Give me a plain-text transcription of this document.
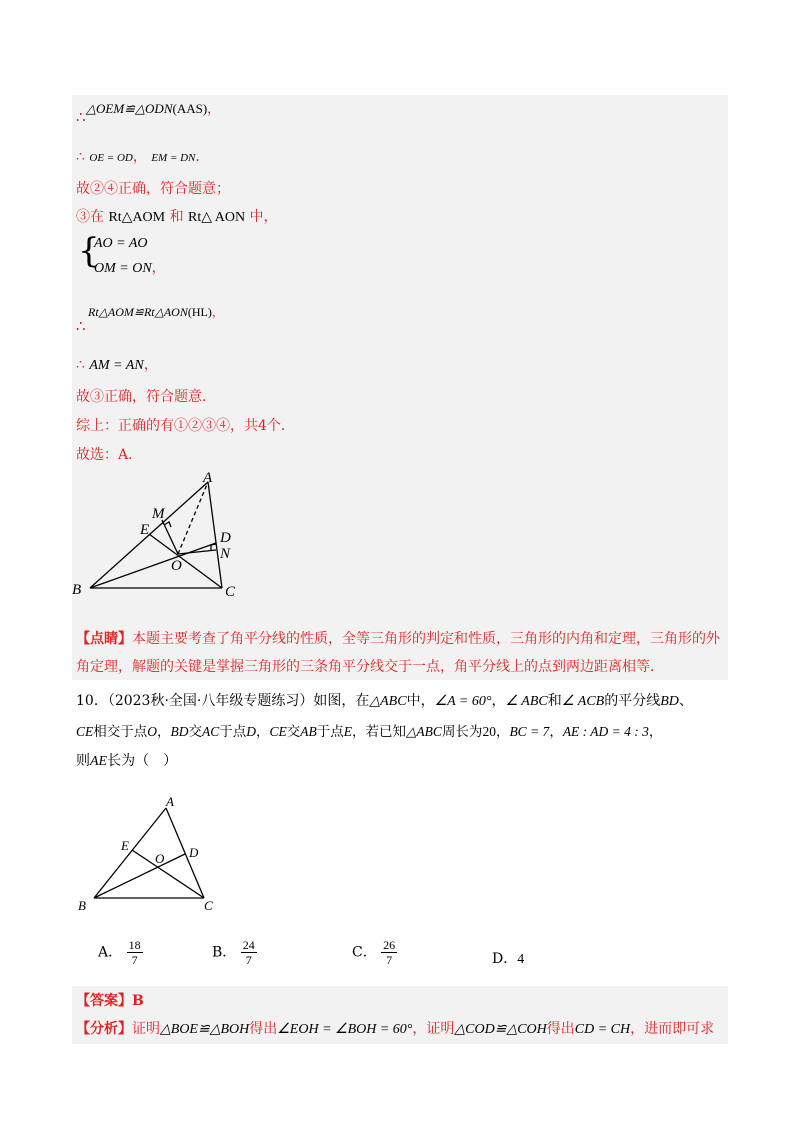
∴ △OEM≌△ODN(AAS)，
∴ OE = OD， EM = DN．
故②④正确，符合题意；
③在 Rt△AOM 和 Rt△ AON 中，
{
AO = AO
OM = ON，
∴
Rt△AOM≌Rt△AON(HL)，
∴ AM = AN，
故③正确，符合题意．
综上：正确的有①②③④，共4个．
故选：A．
A
M
E	D
N
O
B	C
【点睛】本题主要考查了角平分线的性质，全等三角形的判定和性质，三角形的内角和定理，三角形的外
角定理，解题的关键是掌握三角形的三条角平分线交于一点，角平分线上的点到两边距离相等．
10．（2023秋·全国·八年级专题练习）如图，在△ABC中，∠A = 60°，∠ ABC和∠ ACB的平分线BD、
CE相交于点O，BD交AC于点D，CE交AB于点E，若已知△ABC周长为20，BC = 7，AE : AD = 4 : 3，
则AE长为（　）
A
E
O D
B	C
A． $\frac{18}{7}$	B． $\frac{24}{7}$	C． $\frac{26}{7}$	D．4
【答案】B
【分析】证明△BOE≌△BOH得出∠EOH = ∠BOH = 60°，证明△COD≌△COH得出CD = CH，进而即可求
